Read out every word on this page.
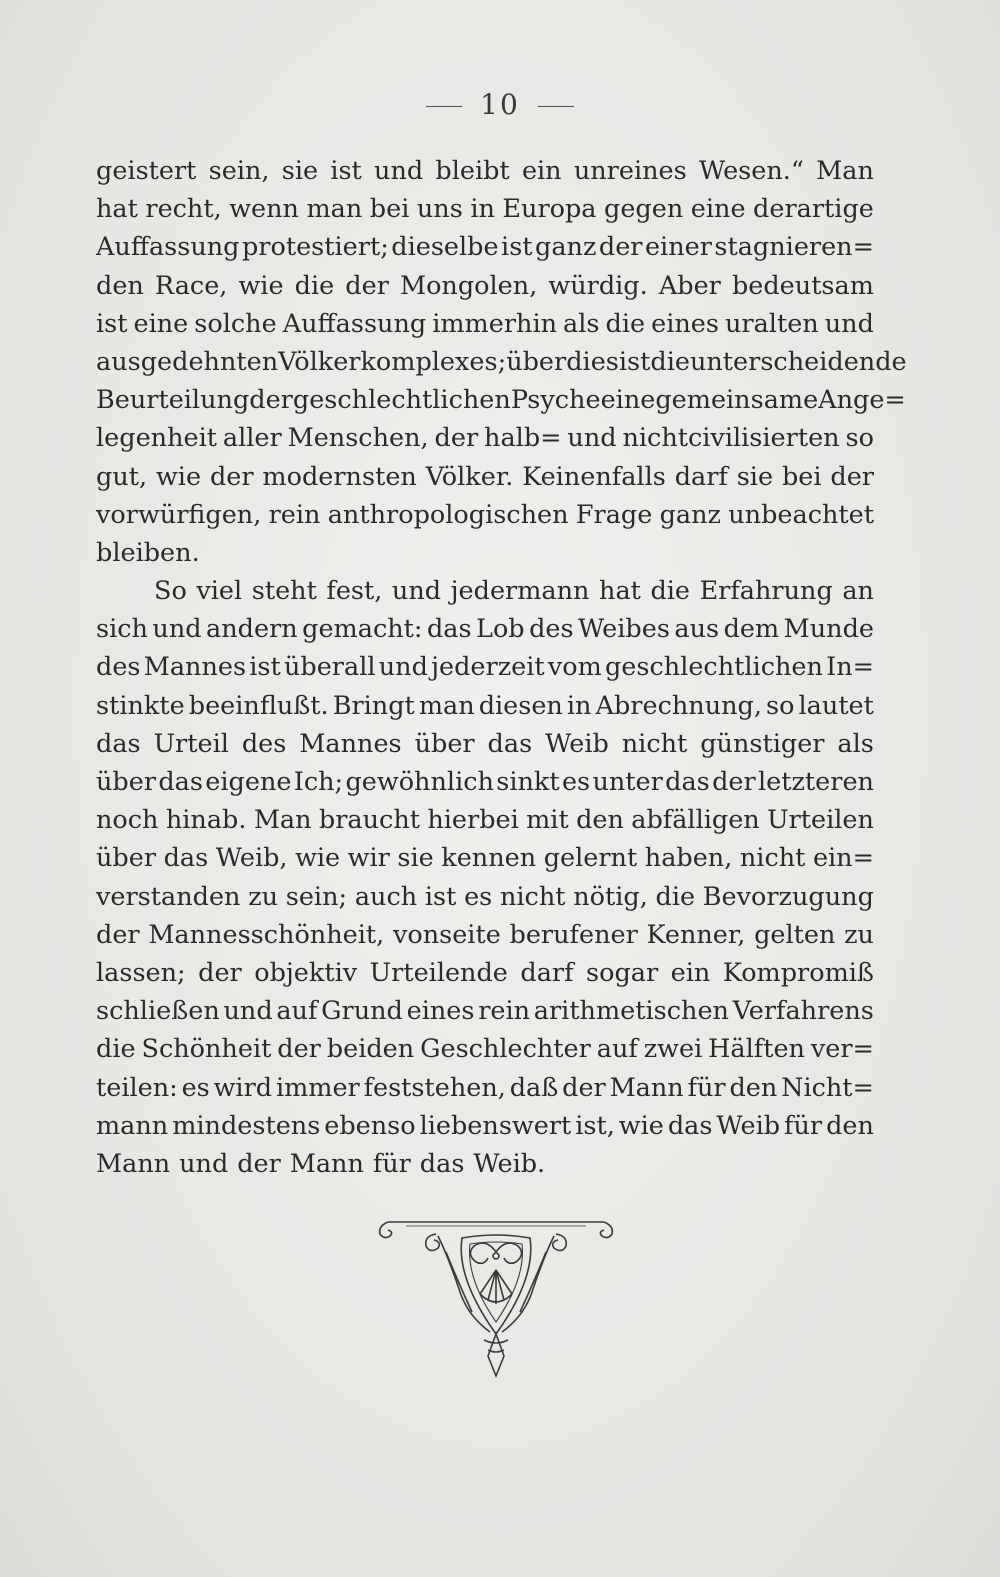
10
geistert sein, sie ist und bleibt ein unreines Wesen.“ Man
hat recht, wenn man bei uns in Europa gegen eine derartige
Auffassung protestiert; dieselbe ist ganz der einer stagnieren=
den Race, wie die der Mongolen, würdig. Aber bedeutsam
ist eine solche Auffassung immerhin als die eines uralten und
ausgedehnten Völkerkomplexes; überdies ist die unterscheidende
Beurteilung der geschlechtlichen Psyche eine gemeinsame Ange=
legenheit aller Menschen, der halb= und nichtcivilisierten so
gut, wie der modernsten Völker. Keinenfalls darf sie bei der
vorwürfigen, rein anthropologischen Frage ganz unbeachtet
bleiben.
So viel steht fest, und jedermann hat die Erfahrung an
sich und andern gemacht: das Lob des Weibes aus dem Munde
des Mannes ist überall und jederzeit vom geschlechtlichen In=
stinkte beeinflußt. Bringt man diesen in Abrechnung, so lautet
das Urteil des Mannes über das Weib nicht günstiger als
über das eigene Ich; gewöhnlich sinkt es unter das der letzteren
noch hinab. Man braucht hierbei mit den abfälligen Urteilen
über das Weib, wie wir sie kennen gelernt haben, nicht ein=
verstanden zu sein; auch ist es nicht nötig, die Bevorzugung
der Mannesschönheit, vonseite berufener Kenner, gelten zu
lassen; der objektiv Urteilende darf sogar ein Kompromiß
schließen und auf Grund eines rein arithmetischen Verfahrens
die Schönheit der beiden Geschlechter auf zwei Hälften ver=
teilen: es wird immer feststehen, daß der Mann für den Nicht=
mann mindestens ebenso liebenswert ist, wie das Weib für den
Mann und der Mann für das Weib.
